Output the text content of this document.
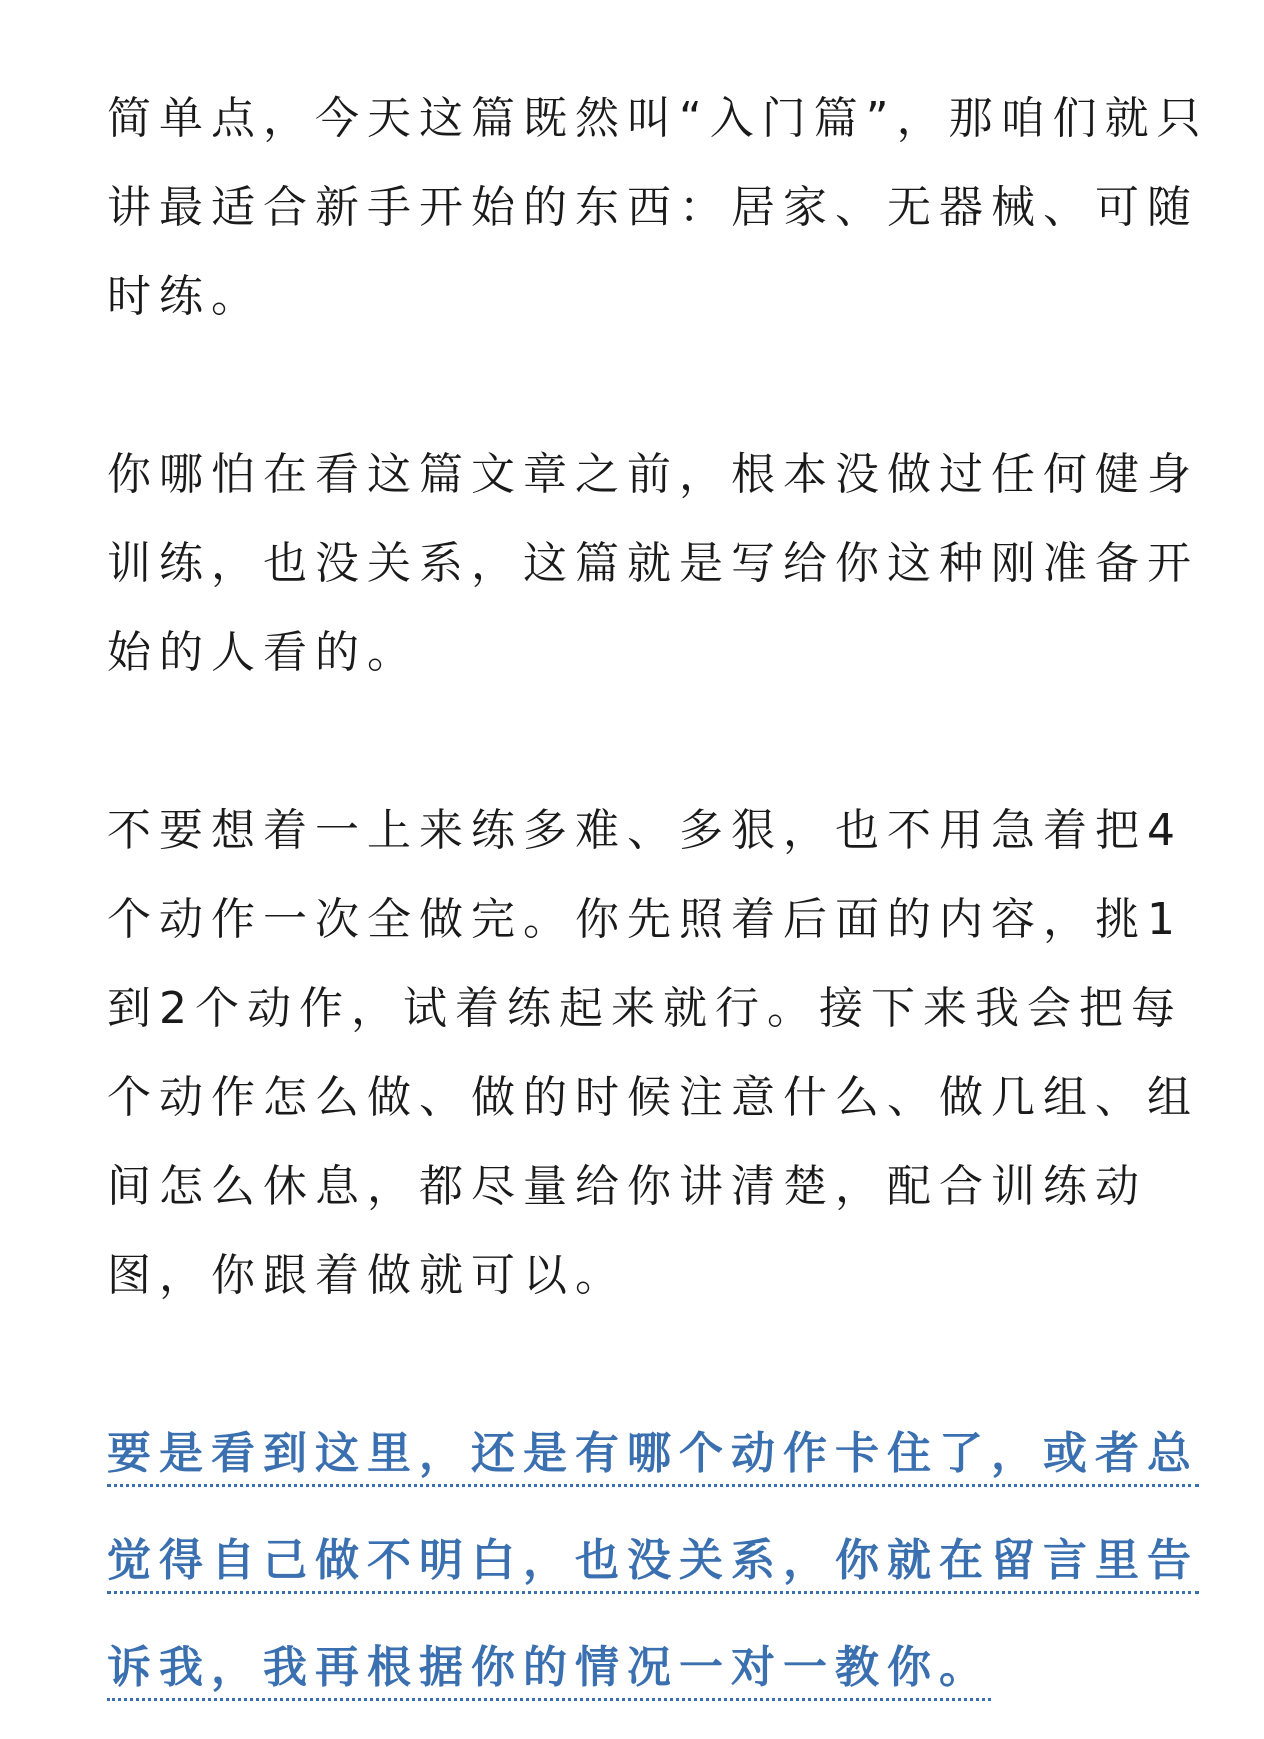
简单点，今天这篇既然叫“入门篇”，那咱们就只
讲最适合新手开始的东西：居家、无器械、可随
时练。

你哪怕在看这篇文章之前，根本没做过任何健身
训练，也没关系，这篇就是写给你这种刚准备开
始的人看的。

不要想着一上来练多难、多狠，也不用急着把4
个动作一次全做完。你先照着后面的内容，挑1
到2个动作，试着练起来就行。接下来我会把每
个动作怎么做、做的时候注意什么、做几组、组
间怎么休息，都尽量给你讲清楚，配合训练动
图，你跟着做就可以。

要是看到这里，还是有哪个动作卡住了，或者总
觉得自己做不明白，也没关系，你就在留言里告
诉我，我再根据你的情况一对一教你。
